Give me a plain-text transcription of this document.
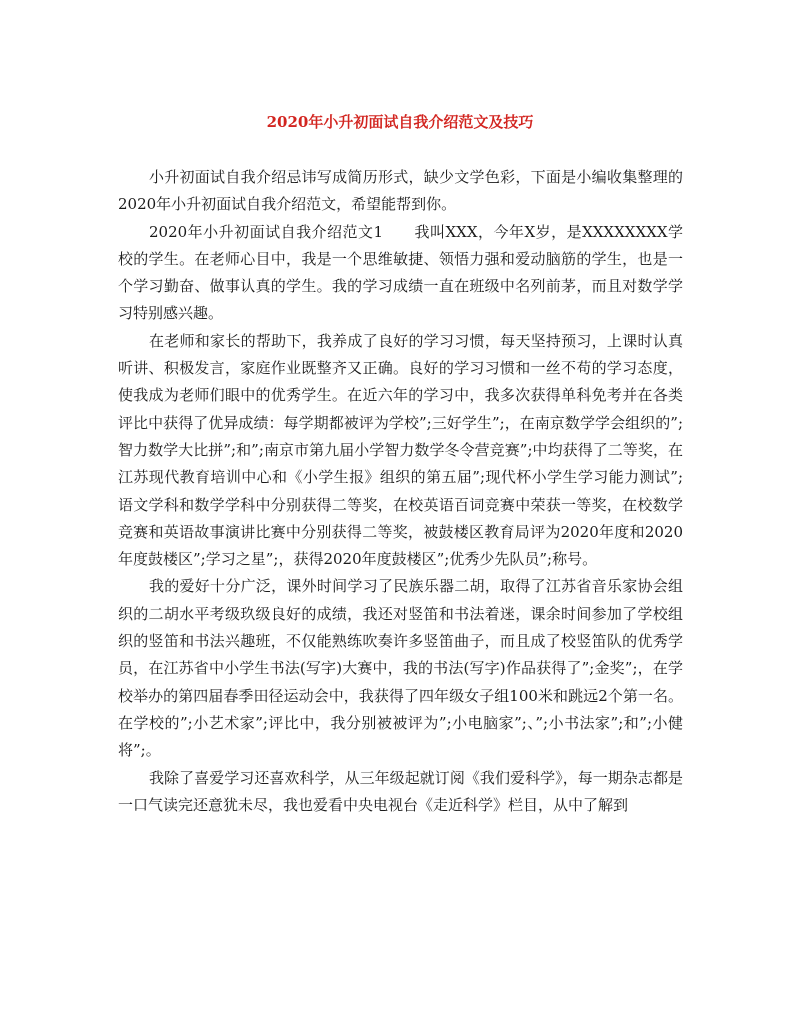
2020年小升初面试自我介绍范文及技巧

小升初面试自我介绍忌讳写成简历形式，缺少文学色彩，下面是小编收集整理的2020年小升初面试自我介绍范文，希望能帮到你。

2020年小升初面试自我介绍范文1　　我叫XXX，今年X岁，是XXXXXXXX学校的学生。在老师心目中，我是一个思维敏捷、领悟力强和爱动脑筋的学生，也是一个学习勤奋、做事认真的学生。我的学习成绩一直在班级中名列前茅，而且对数学学习特别感兴趣。

在老师和家长的帮助下，我养成了良好的学习习惯，每天坚持预习，上课时认真听讲、积极发言，家庭作业既整齐又正确。良好的学习习惯和一丝不苟的学习态度，使我成为老师们眼中的优秀学生。在近六年的学习中，我多次获得单科免考并在各类评比中获得了优异成绩：每学期都被评为学校”;三好学生”;，在南京数学学会组织的”;智力数学大比拼”;和”;南京市第九届小学智力数学冬令营竞赛”;中均获得了二等奖，在江苏现代教育培训中心和《小学生报》组织的第五届”;现代杯小学生学习能力测试”;语文学科和数学学科中分别获得二等奖，在校英语百词竞赛中荣获一等奖，在校数学竞赛和英语故事演讲比赛中分别获得二等奖，被鼓楼区教育局评为2020年度和2020年度鼓楼区”;学习之星”;，获得2020年度鼓楼区”;优秀少先队员”;称号。

我的爱好十分广泛，课外时间学习了民族乐器二胡，取得了江苏省音乐家协会组织的二胡水平考级玖级良好的成绩，我还对竖笛和书法着迷，课余时间参加了学校组织的竖笛和书法兴趣班，不仅能熟练吹奏许多竖笛曲子，而且成了校竖笛队的优秀学员，在江苏省中小学生书法(写字)大赛中，我的书法(写字)作品获得了”;金奖”;，在学校举办的第四届春季田径运动会中，我获得了四年级女子组100米和跳远2个第一名。在学校的”;小艺术家”;评比中，我分别被被评为”;小电脑家”;、”;小书法家”;和”;小健将”;。

我除了喜爱学习还喜欢科学，从三年级起就订阅《我们爱科学》，每一期杂志都是一口气读完还意犹未尽，我也爱看中央电视台《走近科学》栏目，从中了解到
